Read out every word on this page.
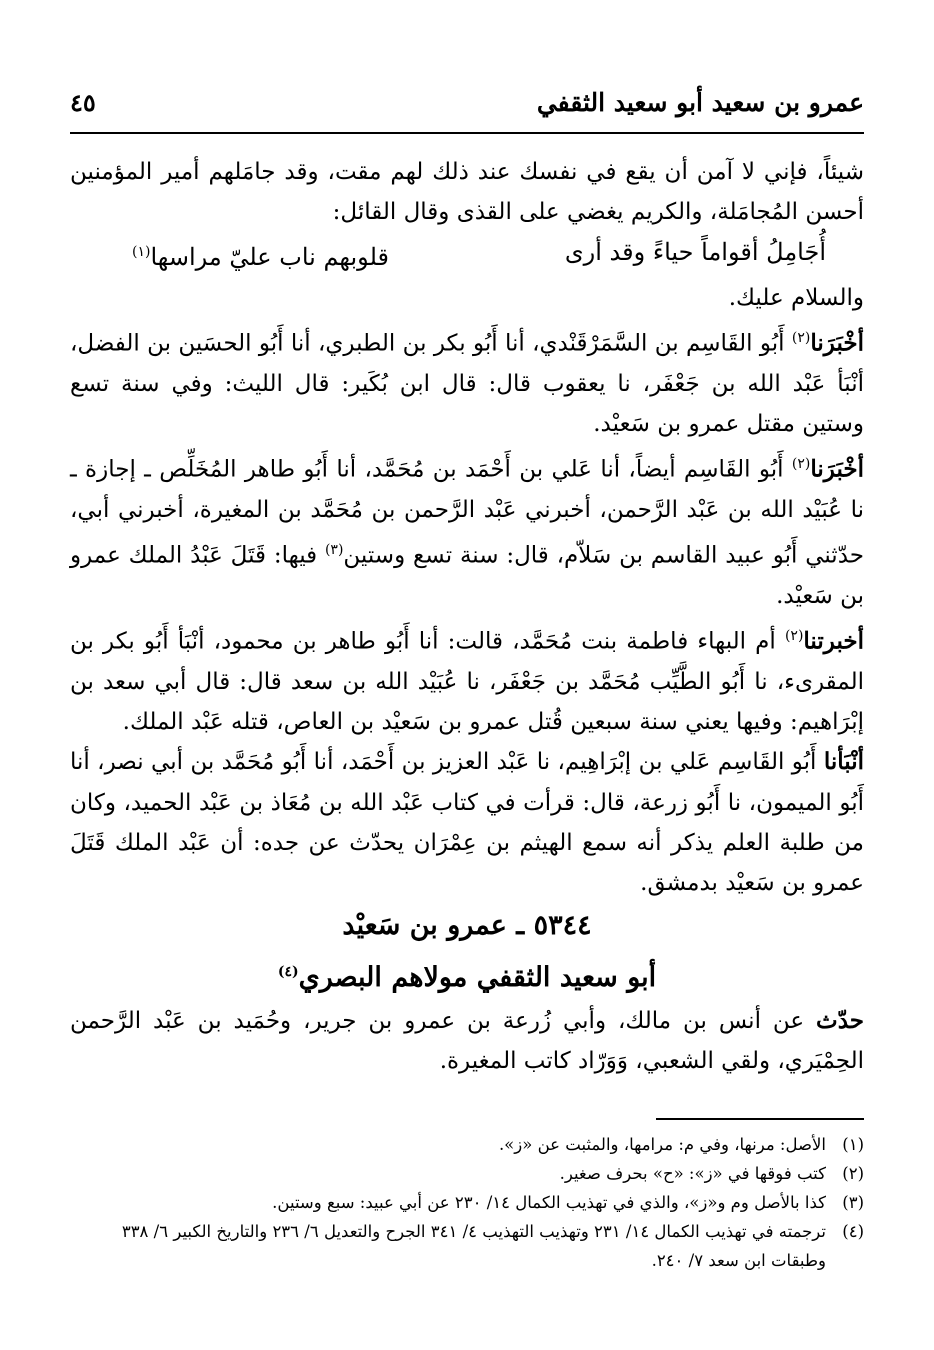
٤٥	عمرو بن سعيد أبو سعيد الثقفي

شيئاً، فإني لا آمن أن يقع في نفسك عند ذلك لهم مقت، وقد جامَلهم أمير المؤمنين أحسن المُجامَلة، والكريم يغضي على القذى وقال القائل:

أُجَامِلُ أقواماً حياءً وقد أرى
قلوبهم ناب عليّ مراسها$^{(١)}$

والسلام عليك.

أخْبَرَنا$^{(٢)}$ أَبُو القَاسِم بن السَّمَرْقَنْدي، أنا أَبُو بكر بن الطبري، أنا أَبُو الحسَين بن الفضل، أنْبَأ عَبْد الله بن جَعْفَر، نا يعقوب قال: قال ابن بُكَير: قال الليث: وفي سنة تسع وستين مقتل عمرو بن سَعيْد.

أخْبَرَنا$^{(٢)}$ أَبُو القَاسِم أيضاً، أنا عَلي بن أَحْمَد بن مُحَمَّد، أنا أَبُو طاهر المُخَلِّص ـ إجازة ـ نا عُبَيْد الله بن عَبْد الرَّحمن، أخبرني عَبْد الرَّحمن بن مُحَمَّد بن المغيرة، أخبرني أبي، حدّثني أَبُو عبيد القاسم بن سَلاّم، قال: سنة تسع وستين$^{(٣)}$ فيها: قَتَلَ عَبْدُ الملك عمرو بن سَعيْد.

أخبرتنا$^{(٢)}$ أم البهاء فاطمة بنت مُحَمَّد، قالت: أنا أَبُو طاهر بن محمود، أنْبَأ أَبُو بكر بن المقرىء، نا أَبُو الطَّيِّب مُحَمَّد بن جَعْفَر، نا عُبَيْد الله بن سعد قال: قال أبي سعد بن إبْرَاهيم: وفيها يعني سنة سبعين قُتل عمرو بن سَعيْد بن العاص، قتله عَبْد الملك.

أنْبَأنا أَبُو القَاسِم عَلي بن إبْرَاهِيم، نا عَبْد العزيز بن أَحْمَد، أنا أَبُو مُحَمَّد بن أبي نصر، أنا أَبُو الميمون، نا أَبُو زرعة، قال: قرأت في كتاب عَبْد الله بن مُعَاذ بن عَبْد الحميد، وكان من طلبة العلم يذكر أنه سمع الهيثم بن عِمْرَان يحدّث عن جده: أن عَبْد الملك قَتَلَ عمرو بن سَعيْد بدمشق.

٥٣٤٤ ـ عمرو بن سَعيْد
أبو سعيد الثقفي مولاهم البصري$^{(٤)}$

حدّث عن أنس بن مالك، وأبي زُرعة بن عمرو بن جرير، وحُمَيد بن عَبْد الرَّحمن الحِمْيَري، ولقي الشعبي، وَوَرّاد كاتب المغيرة.

(١)
الأصل: مرنها، وفي م: مرامها، والمثبت عن «ز».
(٢)
كتب فوقها في «ز»: «ح» بحرف صغير.
(٣)
كذا بالأصل وم و«ز»، والذي في تهذيب الكمال ١٤/ ٢٣٠ عن أبي عبيد: سبع وستين.
(٤)
ترجمته في تهذيب الكمال ١٤/ ٢٣١ وتهذيب التهذيب ٤/ ٣٤١ الجرح والتعديل ٦/ ٢٣٦ والتاريخ الكبير ٦/ ٣٣٨ وطبقات ابن سعد ٧/ ٢٤٠.
